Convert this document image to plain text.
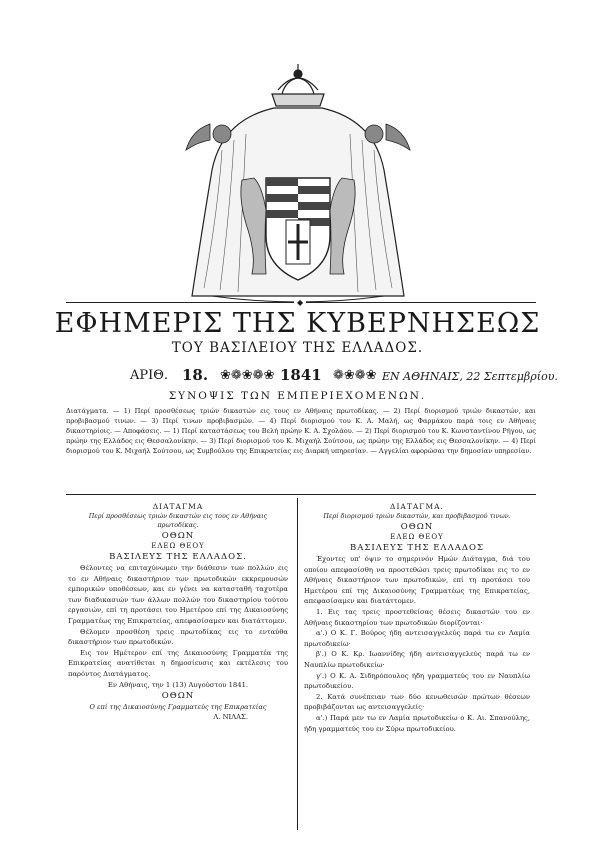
◆
ΕΦΗΜΕΡΙΣ ΤΗΣ ΚΥΒΕΡΝΗΣΕΩΣ
ΤΟΥ ΒΑΣΙΛΕΙΟΥ ΤΗΣ ΕΛΛΑΔΟΣ.
ΑΡΙΘ. 18. ❀❁❀❁❀ 1841 ❁❀❁❀ ΕΝ ΑΘΗΝΑΙΣ, 22 Σεπτεμβρίου.
ΣΥΝΟΨΙΣ ΤΩΝ ΕΜΠΕΡΙΕΧΟΜΕΝΩΝ.

Διατάγματα. — 1) Περί προσθέσεως τριών δικαστών εις τους εν Αθήναις πρωτοδίκας. — 2) Περί διορισμού τριών δικαστών, και προβιβασμού τινων. — 3) Περί τινων προβιβασμών. — 4) Περί διορισμού του Κ. Α. Μαλή, ως Φαρμάκου παρά τοις εν Αθήναις δικαστηρίοις. — Αποφάσεις. — 1) Περί καταστάσεως του Βελή πρώην Κ. Α. Σχολάου. — 2) Περί διορισμού του Κ. Κωνσταντίνου Ρήγου, ως πρώην της Ελλάδος εις Θεσσαλονίκην. — 3) Περί διορισμού του Κ. Μιχαήλ Σούτσου, ως πρώην της Ελλάδος εις Θεσσαλονίκην. — 4) Περί διορισμού του Κ. Μιχαήλ Σούτσου, ως Συμβούλου της Επικρατείας εις Διαρκή υπηρεσίαν. — Αγγελίαι αφορώσαι την δημοσίαν υπηρεσίαν.

ΔΙΑΤΑΓΜΑ
Περί προσθέσεως τριών δικαστών εις τους εν Αθήναις πρωτοδίκας.
ΟΘΩΝ
ΕΛΕΩ ΘΕΟΥ
ΒΑΣΙΛΕΥΣ ΤΗΣ ΕΛΛΑΔΟΣ.

Θέλοντες να επιταχύνωμεν την διάθεσιν των πολλών εις το εν Αθήναις δικαστήριον των πρωτοδικών εκκρεμουσών εμπορικών υποθέσεων, και εν γένει να κατασταθή ταχυτέρα των διαδικασιών των άλλων πολλών του δικαστηρίου τούτου εργασιών, επί τη προτάσει του Ημετέρου επί της Δικαιοσύνης Γραμματέως της Επικρατείας, απεφασίσαμεν και διατάττομεν.

Θέλομεν προσθέση τρεις πρωτοδίκας εις το ενταύθα δικαστήριον των πρωτοδικών.

Εις τον Ημέτερον επί της Δικαιοσύνης Γραμματέα της Επικρατείας ανατίθεται η δημοσίευσις και εκτέλεσις του παρόντος Διατάγματος.

Εν Αθήναις, την 1 (13) Αυγούστου 1841.
ΟΘΩΝ
Ο επί της Δικαιοσύνης Γραμματεύς της Επικρατείας
Λ. ΝΙΛΑΣ.
ΔΙΑΤΑΓΜΑ.
Περί διορισμού τριών δικαστών, και προβιβασμού τινων.
ΟΘΩΝ
ΕΛΕΩ ΘΕΟΥ
ΒΑΣΙΛΕΥΣ ΤΗΣ ΕΛΛΑΔΟΣ

Έχοντες υπ' όψιν το σημερινόν Ημών Διάταγμα, διά του οποίου απεφασίσθη να προστεθώσι τρεις πρωτοδίκαι εις το εν Αθήναις δικαστήριον των πρωτοδικών, επί τη προτάσει του Ημετέρου επί της Δικαιοσύνης Γραμματέως της Επικρατείας, απεφασίσαμεν και διατάττομεν.

1. Εις τας τρεις προστεθείσας θέσεις δικαστών του εν Αθήναις δικαστηρίου των πρωτοδικών διορίζονται·

α'.) Ο Κ. Γ. Βούρος ήδη αντεισαγγελεύς παρά τω εν Λαμία πρωτοδικείω·

β'.) Ο Κ. Κρ. Ιωαννίδης ήδη αντεισαγγελεύς παρά τω εν Ναυπλίω πρωτοδικείω·

γ'.) Ο Κ. Α. Σιδηρόπουλος ήδη γραμματεύς του εν Ναυπλίω πρωτοδικείου.

2. Κατά συνέπειαν των δύο κενωθεισών πρώτων θέσεων προβιβάζονται ως αντεισαγγελείς·

α'.) Παρά μεν τω εν Λαμία πρωτοδικείω ο Κ. Αι. Σπανούλης, ήδη γραμματεύς του εν Σύρω πρωτοδικείου.
